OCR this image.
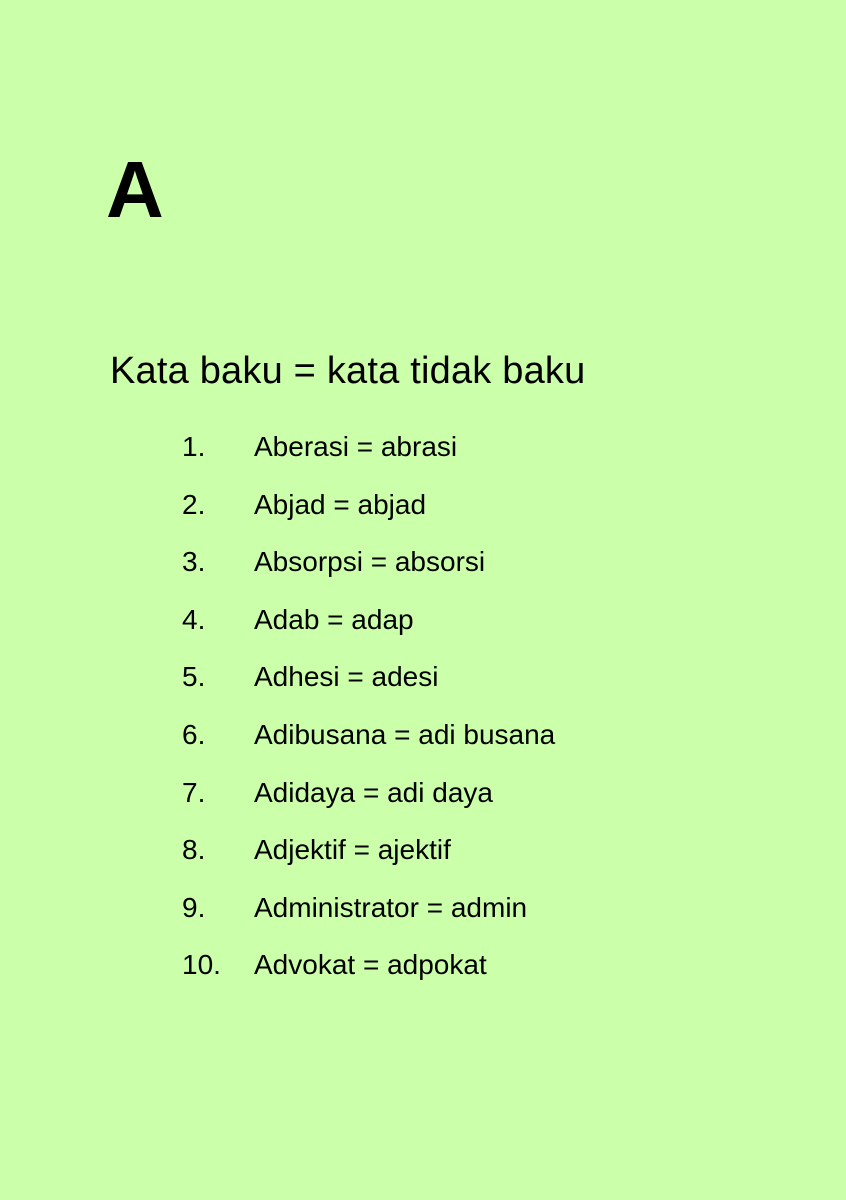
A
Kata baku = kata tidak baku
1.	Aberasi = abrasi
2.	Abjad = abjad
3.	Absorpsi = absorsi
4.	Adab = adap
5.	Adhesi = adesi
6.	Adibusana = adi busana
7.	Adidaya = adi daya
8.	Adjektif = ajektif
9.	Administrator = admin
10.	Advokat = adpokat
